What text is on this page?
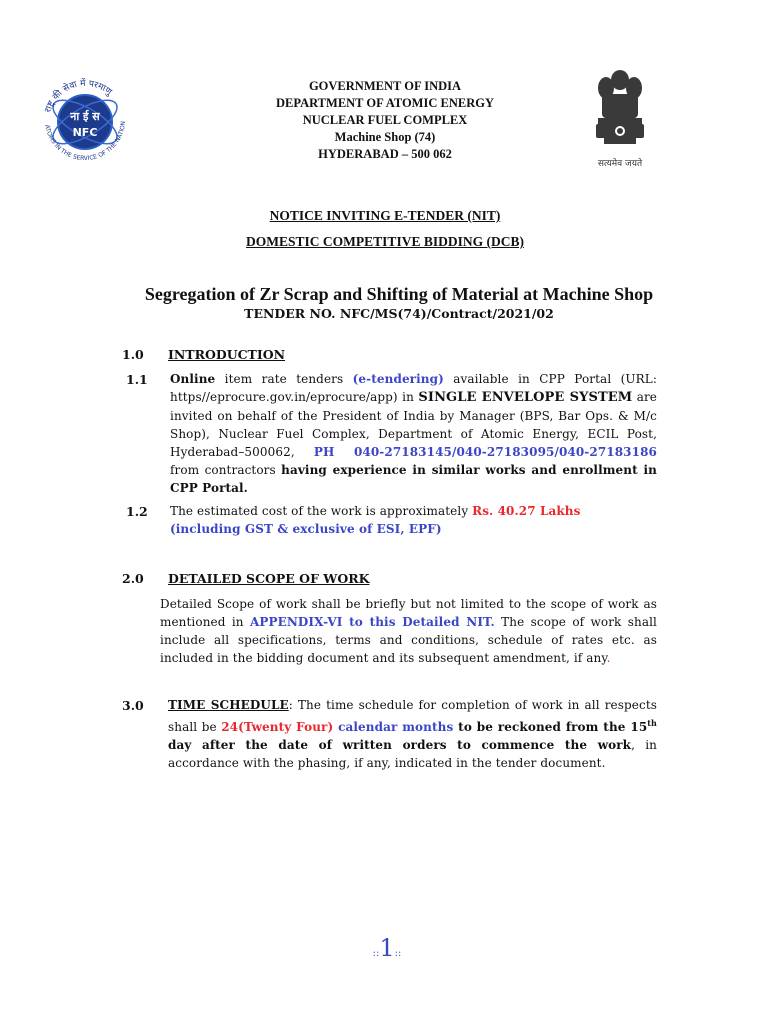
राष्ट्र की सेवा में परमाणु
ATOMS IN THE SERVICE OF THE NATION
ना ई स
NFC
GOVERNMENT OF INDIA
DEPARTMENT OF ATOMIC ENERGY
NUCLEAR FUEL COMPLEX
Machine Shop (74)
HYDERABAD – 500 062
सत्यमेव जयते
NOTICE INVITING E-TENDER (NIT)
DOMESTIC COMPETITIVE BIDDING (DCB)
Segregation of Zr Scrap and Shifting of Material at Machine Shop
TENDER NO. NFC/MS(74)/Contract/2021/02
1.0 INTRODUCTION
1.1 Online item rate tenders (e-tendering) available in CPP Portal (URL: https//eprocure.gov.in/eprocure/app) in SINGLE ENVELOPE SYSTEM are invited on behalf of the President of India by Manager (BPS, Bar Ops. & M/c Shop), Nuclear Fuel Complex, Department of Atomic Energy, ECIL Post, Hyderabad–500062, PH 040-27183145/040-27183095/040-27183186 from contractors having experience in similar works and enrollment in CPP Portal.
1.2 The estimated cost of the work is approximately Rs. 40.27 Lakhs
(including GST & exclusive of ESI, EPF)
2.0 DETAILED SCOPE OF WORK
Detailed Scope of work shall be briefly but not limited to the scope of work as mentioned in APPENDIX-VI to this Detailed NIT. The scope of work shall include all specifications, terms and conditions, schedule of rates etc. as included in the bidding document and its subsequent amendment, if any.
3.0 TIME SCHEDULE: The time schedule for completion of work in all respects shall be 24(Twenty Four) calendar months to be reckoned from the 15th day after the date of written orders to commence the work, in accordance with the phasing, if any, indicated in the tender document.
::1::
